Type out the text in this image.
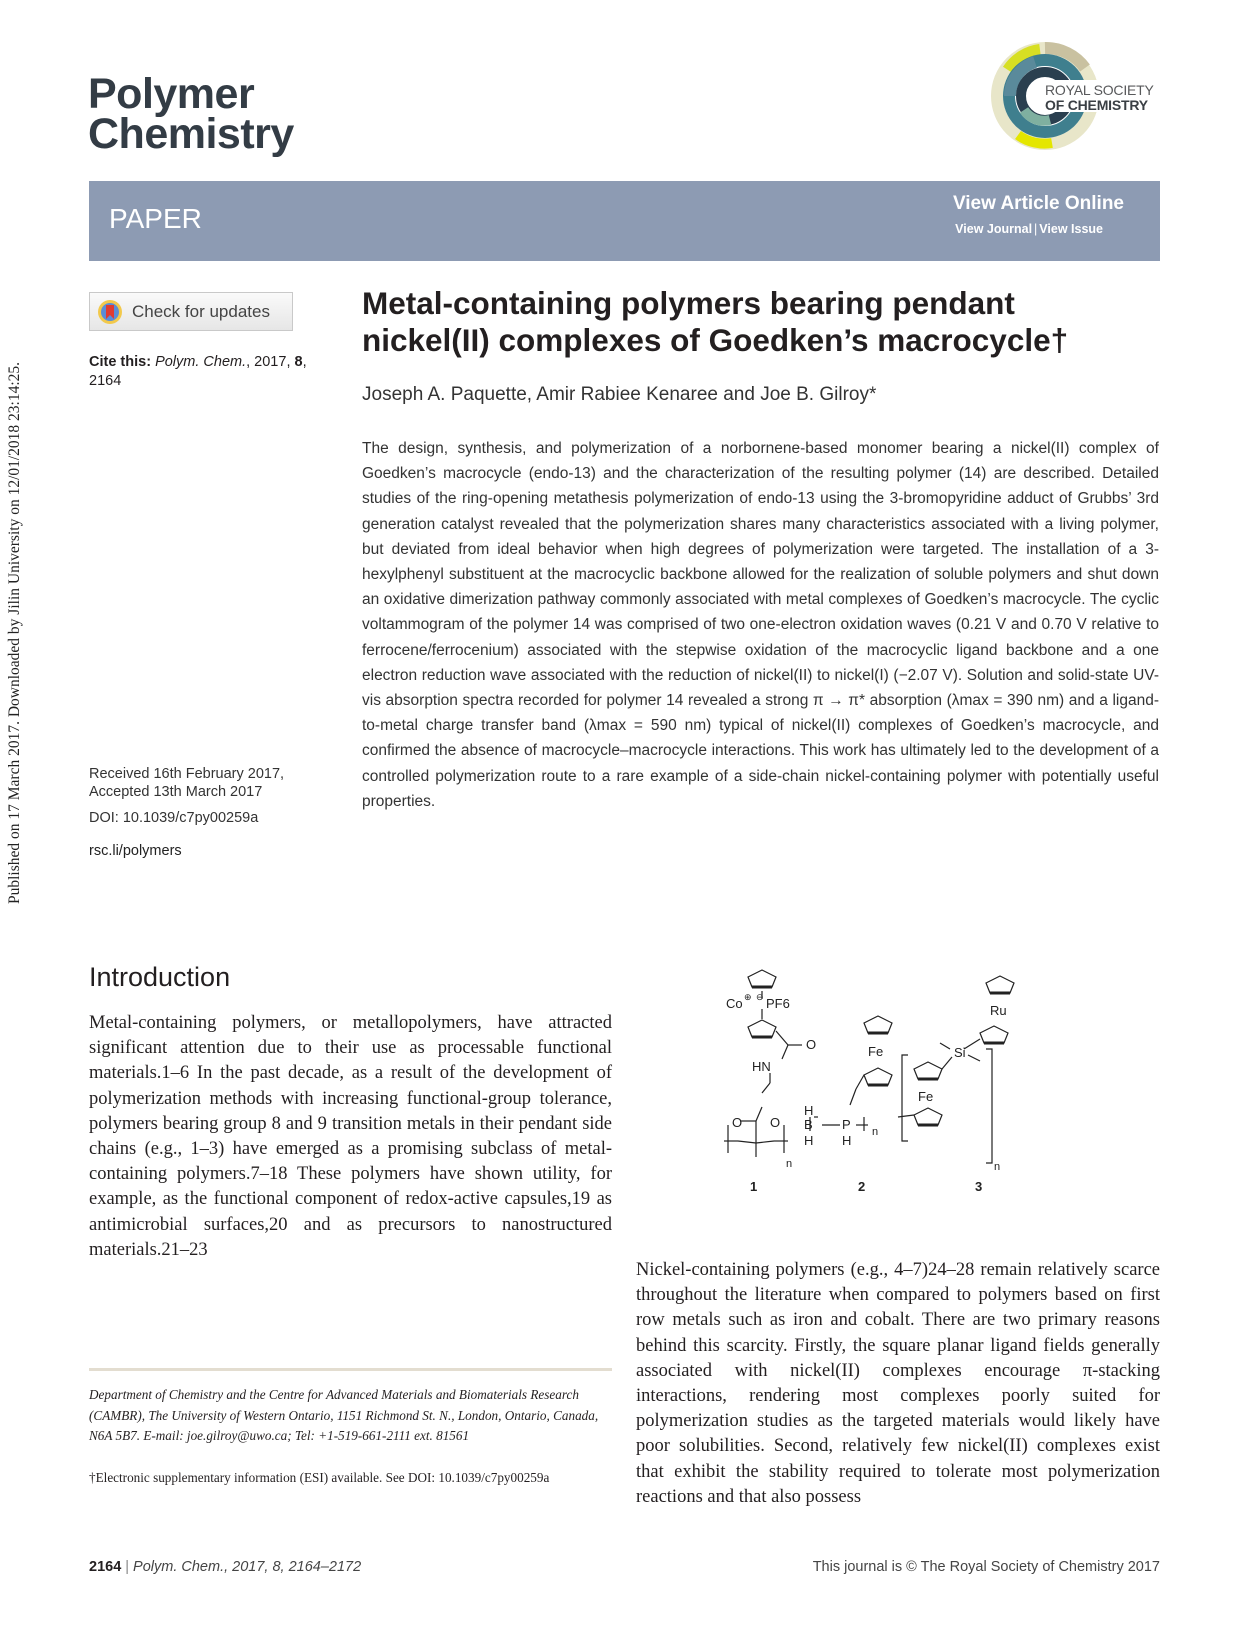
Published on 17 March 2017. Downloaded by Jilin University on 12/01/2018 23:14:25.
Polymer
Chemistry
ROYAL SOCIETY
OF CHEMISTRY
PAPER	View Article Online
View Journal | View Issue
Check for updates
Cite this: Polym. Chem., 2017, 8, 2164
Received 16th February 2017,
Accepted 13th March 2017
DOI: 10.1039/c7py00259a
rsc.li/polymers
Metal-containing polymers bearing pendant
nickel(II) complexes of Goedken’s macrocycle†
Joseph A. Paquette, Amir Rabiee Kenaree and Joe B. Gilroy*

The design, synthesis, and polymerization of a norbornene-based monomer bearing a nickel(II) complex of Goedken’s macrocycle (endo-13) and the characterization of the resulting polymer (14) are described. Detailed studies of the ring-opening metathesis polymerization of endo-13 using the 3-bromopyridine adduct of Grubbs’ 3rd generation catalyst revealed that the polymerization shares many characteristics associated with a living polymer, but deviated from ideal behavior when high degrees of polymerization were targeted. The installation of a 3-hexylphenyl substituent at the macrocyclic backbone allowed for the realization of soluble polymers and shut down an oxidative dimerization pathway commonly associated with metal complexes of Goedken’s macrocycle. The cyclic voltammogram of the polymer 14 was comprised of two one-electron oxidation waves (0.21 V and 0.70 V relative to ferrocene/ferrocenium) associated with the stepwise oxidation of the macrocyclic ligand backbone and a one electron reduction wave associated with the reduction of nickel(II) to nickel(I) (−2.07 V). Solution and solid-state UV-vis absorption spectra recorded for polymer 14 revealed a strong π → π* absorption (λmax = 390 nm) and a ligand-to-metal charge transfer band (λmax = 590 nm) typical of nickel(II) complexes of Goedken’s macrocycle, and confirmed the absence of macrocycle–macrocycle interactions. This work has ultimately led to the development of a controlled polymerization route to a rare example of a side-chain nickel-containing polymer with potentially useful properties.

Introduction

Metal-containing polymers, or metallopolymers, have attracted significant attention due to their use as processable functional materials.1–6 In the past decade, as a result of the development of polymerization methods with increasing functional-group tolerance, polymers bearing group 8 and 9 transition metals in their pendant side chains (e.g., 1–3) have emerged as a promising subclass of metal-containing polymers.7–18 These polymers have shown utility, for example, as the functional component of redox-active capsules,19 as antimicrobial surfaces,20 and as precursors to nanostructured materials.21–23

Co ⊕ ⊖ PF6
O
HN
O O
n
Fe
H
B P
H H
n
Ru
Si
Fe
n
1	2	3

Nickel-containing polymers (e.g., 4–7)24–28 remain relatively scarce throughout the literature when compared to polymers based on first row metals such as iron and cobalt. There are two primary reasons behind this scarcity. Firstly, the square planar ligand fields generally associated with nickel(II) complexes encourage π-stacking interactions, rendering most complexes poorly suited for polymerization studies as the targeted materials would likely have poor solubilities. Second, relatively few nickel(II) complexes exist that exhibit the stability required to tolerate most polymerization reactions and that also possess

Department of Chemistry and the Centre for Advanced Materials and Biomaterials Research (CAMBR), The University of Western Ontario, 1151 Richmond St. N., London, Ontario, Canada, N6A 5B7. E-mail: joe.gilroy@uwo.ca; Tel: +1-519-661-2111 ext. 81561

†Electronic supplementary information (ESI) available. See DOI: 10.1039/c7py00259a

2164 | Polym. Chem., 2017, 8, 2164–2172	This journal is © The Royal Society of Chemistry 2017
